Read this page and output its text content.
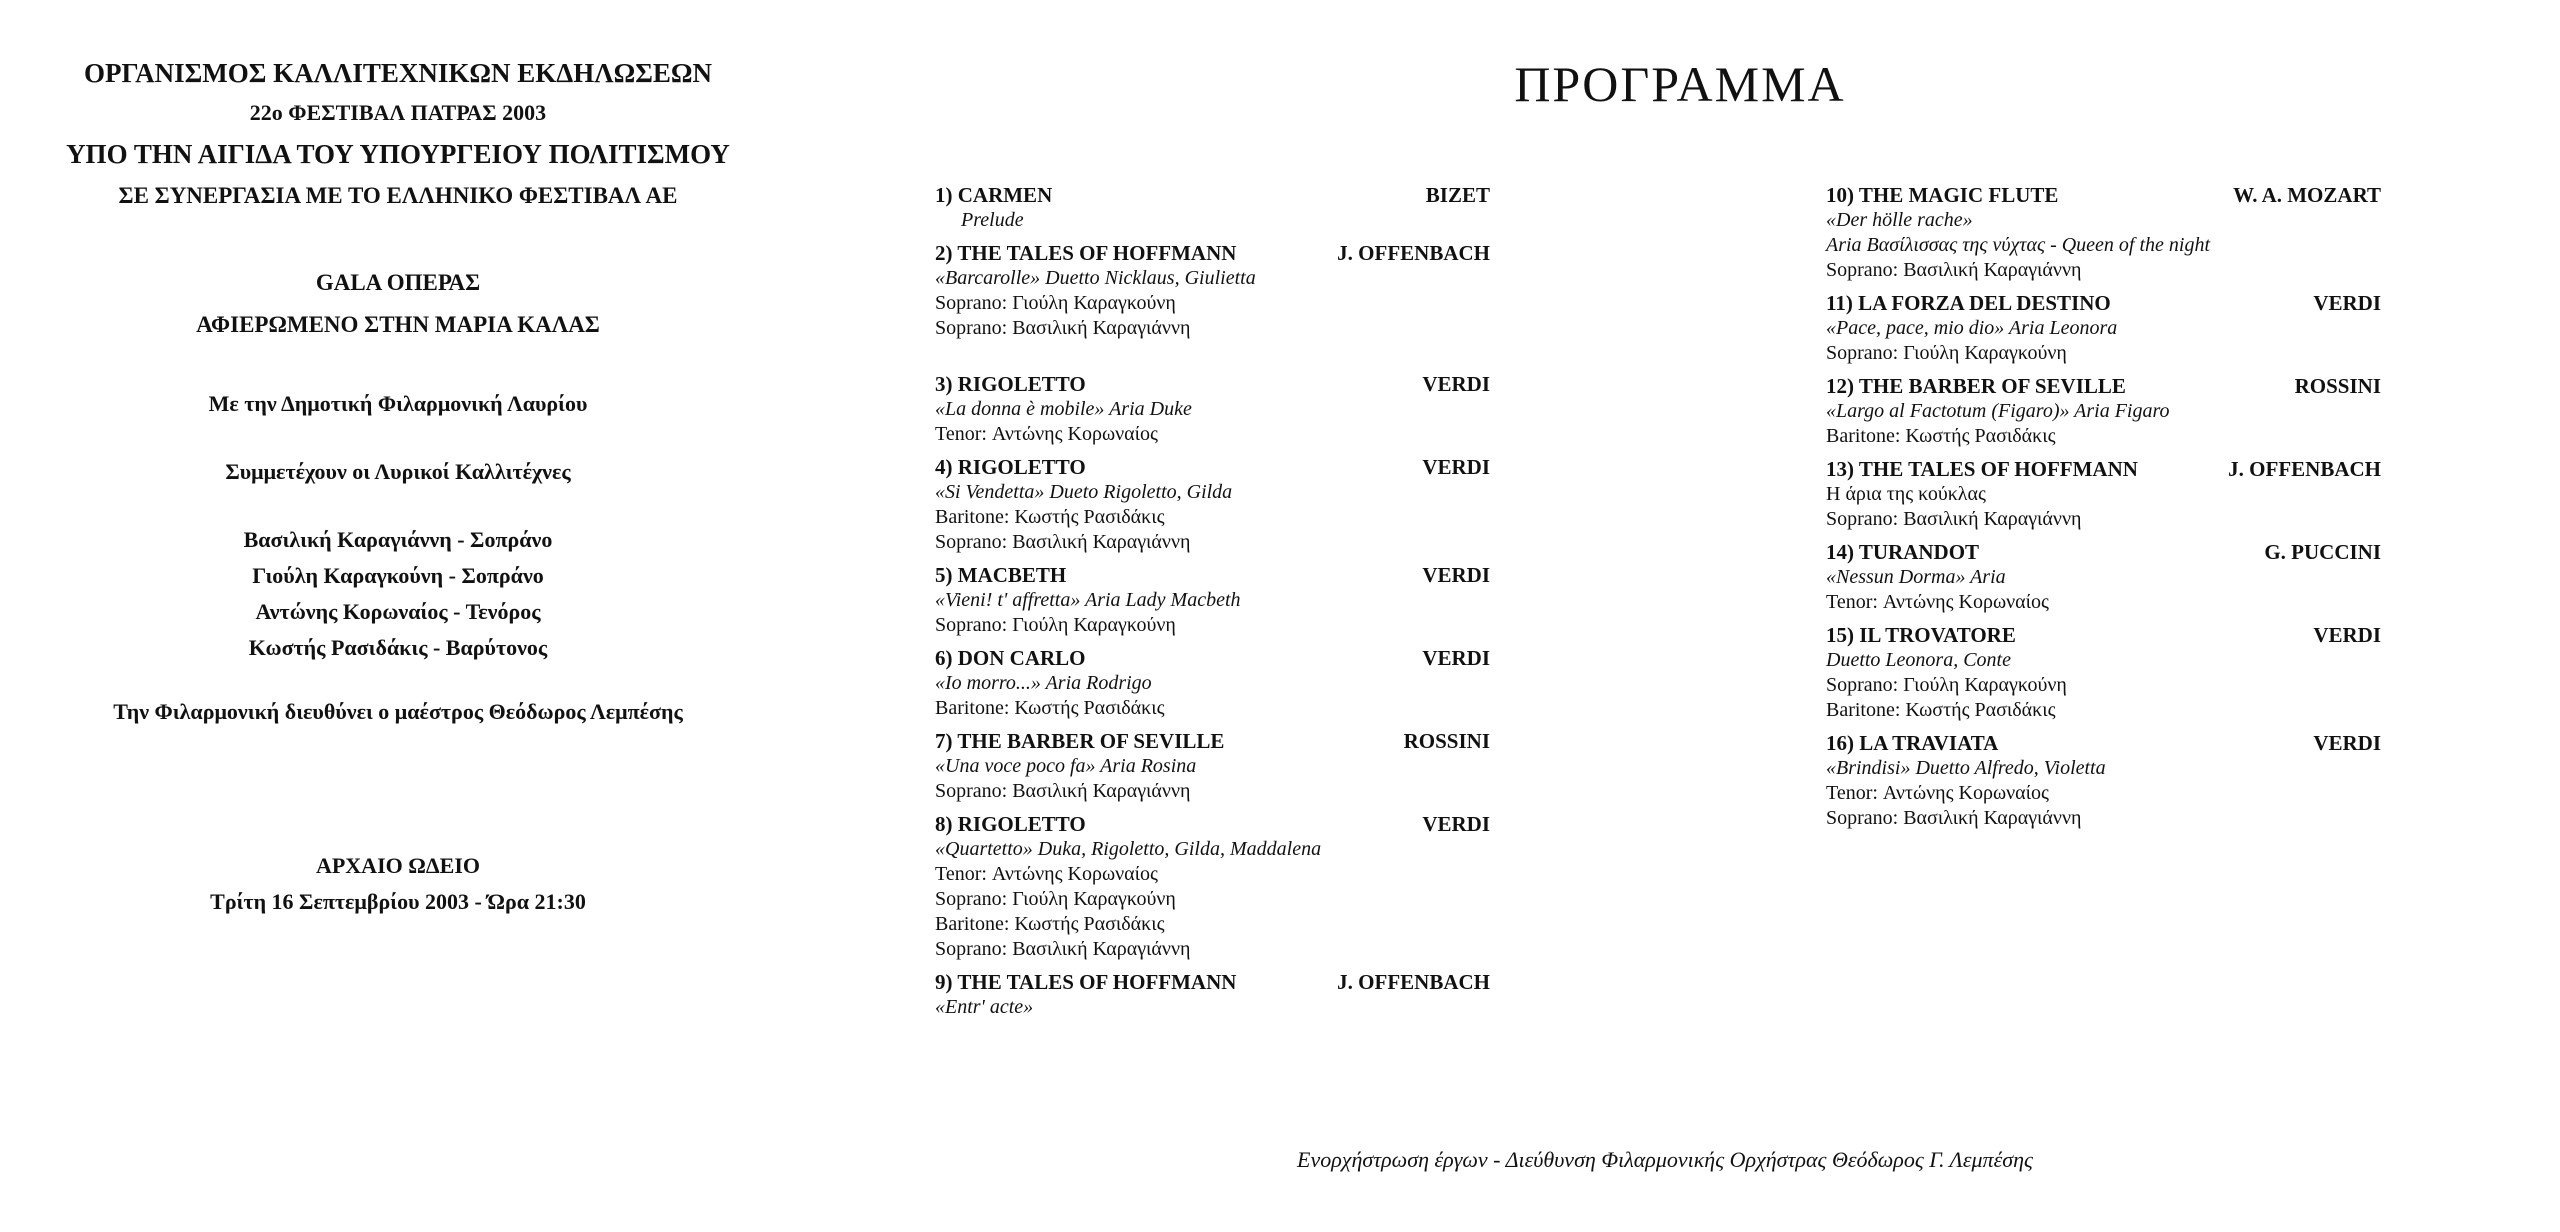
ΟΡΓΑΝΙΣΜΟΣ ΚΑΛΛΙΤΕΧΝΙΚΩΝ ΕΚΔΗΛΩΣΕΩΝ
22ο ΦΕΣΤΙΒΑΛ ΠΑΤΡΑΣ 2003
ΥΠΟ ΤΗΝ ΑΙΓΙΔΑ ΤΟΥ ΥΠΟΥΡΓΕΙΟΥ ΠΟΛΙΤΙΣΜΟΥ
ΣΕ ΣΥΝΕΡΓΑΣΙΑ ΜΕ ΤΟ ΕΛΛΗΝΙΚΟ ΦΕΣΤΙΒΑΛ ΑΕ
GALA ΟΠΕΡΑΣ
ΑΦΙΕΡΩΜΕΝΟ ΣΤΗΝ ΜΑΡΙΑ ΚΑΛΑΣ
Με την Δημοτική Φιλαρμονική Λαυρίου
Συμμετέχουν οι Λυρικοί Καλλιτέχνες
Βασιλική Καραγιάννη - Σοπράνο
Γιούλη Καραγκούνη - Σοπράνο
Αντώνης Κορωναίος - Τενόρος
Κωστής Ρασιδάκις - Βαρύτονος
Την Φιλαρμονική διευθύνει ο μαέστρος Θεόδωρος Λεμπέσης
ΑΡΧΑΙΟ ΩΔΕΙΟ
Τρίτη 16 Σεπτεμβρίου 2003 - Ώρα 21:30
ΠΡΟΓΡΑΜΜΑ
1) CARMEN	BIZET
Prelude
2) THE TALES OF HOFFMANN	J. OFFENBACH
«Barcarolle» Duetto Nicklaus, Giulietta
Soprano: Γιούλη Καραγκούνη
Soprano: Βασιλική Καραγιάννη
3) RIGOLETTO	VERDI
«La donna è mobile» Aria Duke
Tenor: Αντώνης Κορωναίος
4) RIGOLETTO	VERDI
«Si Vendetta» Dueto Rigoletto, Gilda
Baritone: Κωστής Ρασιδάκις
Soprano: Βασιλική Καραγιάννη
5) MACBETH	VERDI
«Vieni! t' affretta» Aria Lady Macbeth
Soprano: Γιούλη Καραγκούνη
6) DON CARLO	VERDI
«Io morro...» Aria Rodrigo
Baritone: Κωστής Ρασιδάκις
7) THE BARBER OF SEVILLE	ROSSINI
«Una voce poco fa» Aria Rosina
Soprano: Βασιλική Καραγιάννη
8) RIGOLETTO	VERDI
«Quartetto» Duka, Rigoletto, Gilda, Maddalena
Tenor: Αντώνης Κορωναίος
Soprano: Γιούλη Καραγκούνη
Baritone: Κωστής Ρασιδάκις
Soprano: Βασιλική Καραγιάννη
9) THE TALES OF HOFFMANN	J. OFFENBACH
«Entr' acte»
10) THE MAGIC FLUTE	W. A. MOZART
«Der hölle rache»
Aria Βασίλισσας της νύχτας - Queen of the night
Soprano: Βασιλική Καραγιάννη
11) LA FORZA DEL DESTINO	VERDI
«Pace, pace, mio dio» Aria Leonora
Soprano: Γιούλη Καραγκούνη
12) THE BARBER OF SEVILLE	ROSSINI
«Largo al Factotum (Figaro)» Aria Figaro
Baritone: Κωστής Ρασιδάκις
13) THE TALES OF HOFFMANN	J. OFFENBACH
Η άρια της κούκλας
Soprano: Βασιλική Καραγιάννη
14) TURANDOT	G. PUCCINI
«Nessun Dorma» Aria
Tenor: Αντώνης Κορωναίος
15) IL TROVATORE	VERDI
Duetto Leonora, Conte
Soprano: Γιούλη Καραγκούνη
Baritone: Κωστής Ρασιδάκις
16) LA TRAVIATA	VERDI
«Brindisi» Duetto Alfredo, Violetta
Tenor: Αντώνης Κορωναίος
Soprano: Βασιλική Καραγιάννη
Ενορχήστρωση έργων - Διεύθυνση Φιλαρμονικής Ορχήστρας Θεόδωρος Γ. Λεμπέσης
